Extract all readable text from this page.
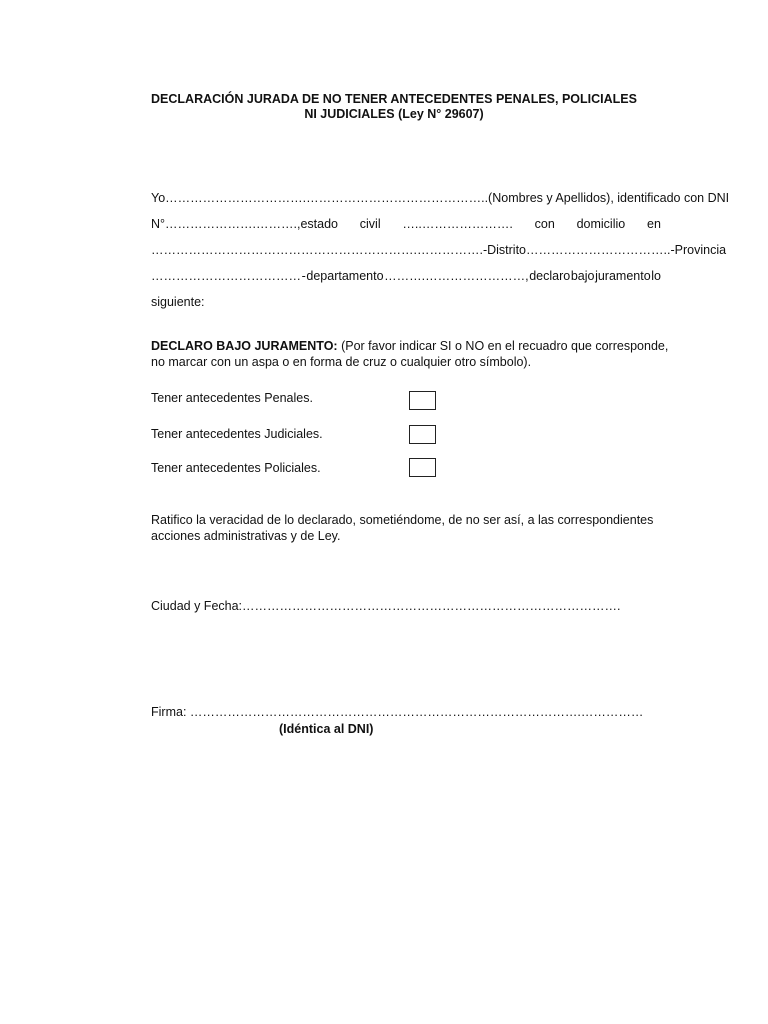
DECLARACIÓN JURADA DE NO TENER ANTECEDENTES PENALES, POLICIALES
NI JUDICIALES (Ley N° 29607)
Yo…………………………….……………………………………..(Nombres y Apellidos), identificado con DNI
N°………………….……….,estado civil …..…………………. con domicilio en
……………………………………………………….…………….- Distrito …………………………….. - Provincia
……………………………… - departamento ……….……………………, declaro bajo juramento lo
siguiente:
DECLARO BAJO JURAMENTO: (Por favor indicar SI o NO en el recuadro que corresponde,
no marcar con un aspa o en forma de cruz o cualquier otro símbolo).
Tener antecedentes Penales.
Tener antecedentes Judiciales.
Tener antecedentes Policiales.
Ratifico la veracidad de lo declarado, sometiéndome, de no ser así, a las correspondientes
acciones administrativas y de Ley.
Ciudad y Fecha:……………………………………………………………………………….
Firma: ………………………………………………………………………………….……………
(Idéntica al DNI)
